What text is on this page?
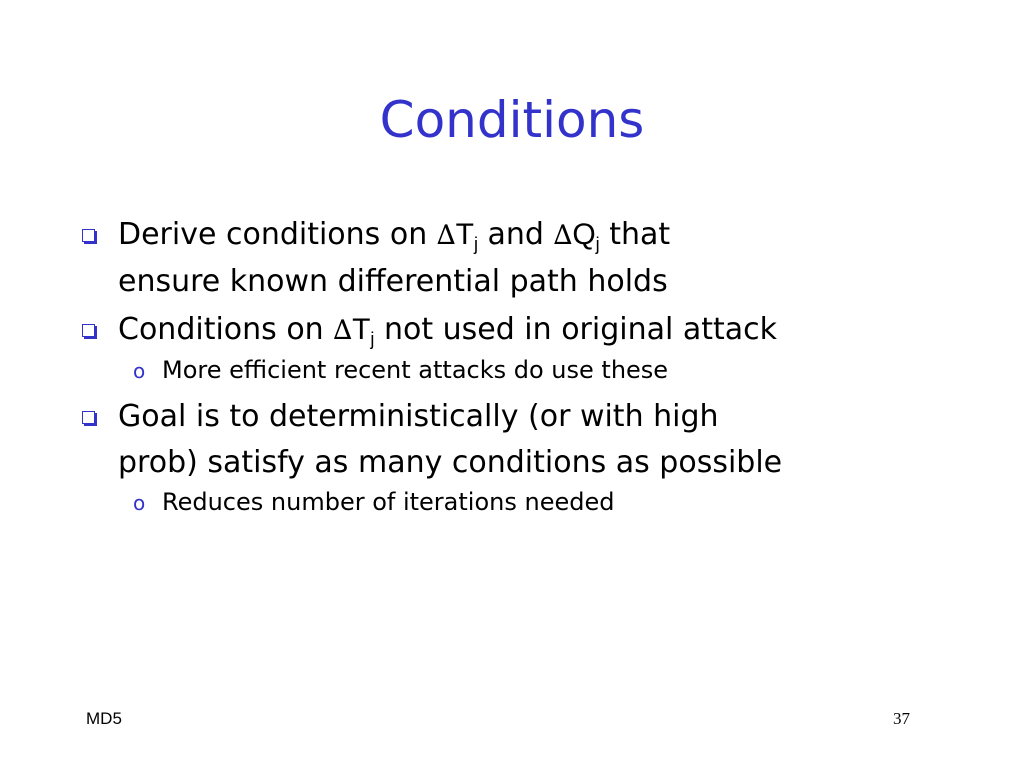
Conditions
Derive conditions on $\Delta T_j$ and $\Delta Q_j$ that
ensure known differential path holds
Conditions on $\Delta T_j$ not used in original attack
o More efficient recent attacks do use these
Goal is to deterministically (or with high
prob) satisfy as many conditions as possible
o Reduces number of iterations needed
MD5	37
